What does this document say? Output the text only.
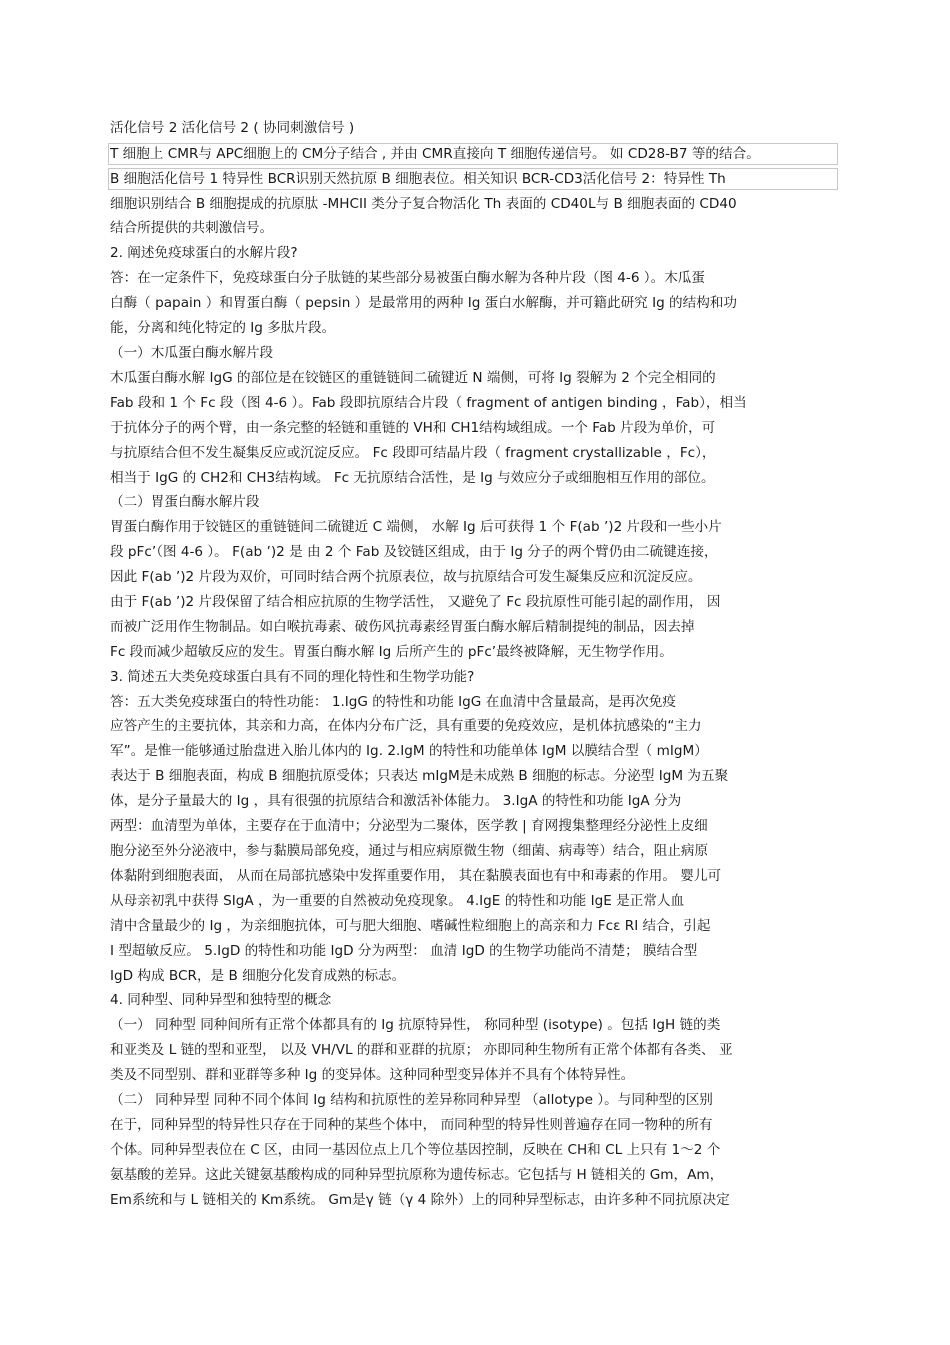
活化信号 2 活化信号 2 ( 协同刺激信号 )
T 细胞上 CMR与 APC细胞上的 CM分子结合 , 并由 CMR直接向 T 细胞传递信号。 如 CD28-B7 等的结合。
B 细胞活化信号 1 特异性 BCR识别天然抗原 B 细胞表位。相关知识 BCR-CD3活化信号 2：特异性 Th
细胞识别结合 B 细胞提成的抗原肽 -MHCII 类分子复合物活化 Th 表面的 CD40L与 B 细胞表面的 CD40
结合所提供的共刺激信号。
2. 阐述免疫球蛋白的水解片段?
答：在一定条件下，免疫球蛋白分子肽链的某些部分易被蛋白酶水解为各种片段（图 4-6 ）。木瓜蛋
白酶（ papain ）和胃蛋白酶（ pepsin ）是最常用的两种 Ig 蛋白水解酶，并可籍此研究 Ig 的结构和功
能，分离和纯化特定的 Ig 多肽片段。
（一）木瓜蛋白酶水解片段
木瓜蛋白酶水解 IgG 的部位是在铰链区的重链链间二硫键近 N 端侧，可将 Ig 裂解为 2 个完全相同的
Fab 段和 1 个 Fc 段（图 4-6 ）。Fab 段即抗原结合片段（ fragment of antigen binding ，Fab），相当
于抗体分子的两个臂，由一条完整的轻链和重链的 VH和 CH1结构域组成。一个 Fab 片段为单价，可
与抗原结合但不发生凝集反应或沉淀反应。 Fc 段即可结晶片段（ fragment crystallizable ，Fc），
相当于 IgG 的 CH2和 CH3结构域。 Fc 无抗原结合活性，是 Ig 与效应分子或细胞相互作用的部位。
（二）胃蛋白酶水解片段
胃蛋白酶作用于铰链区的重链链间二硫键近 C 端侧， 水解 Ig 后可获得 1 个 F(ab ’)2 片段和一些小片
段 pFc’（图 4-6 ）。 F(ab ’)2 是 由 2 个 Fab 及铰链区组成，由于 Ig 分子的两个臂仍由二硫键连接，
因此 F(ab ’)2 片段为双价，可同时结合两个抗原表位，故与抗原结合可发生凝集反应和沉淀反应。
由于 F(ab ’)2 片段保留了结合相应抗原的生物学活性， 又避免了 Fc 段抗原性可能引起的副作用， 因
而被广泛用作生物制品。如白喉抗毒素、破伤风抗毒素经胃蛋白酶水解后精制提纯的制品，因去掉
Fc 段而减少超敏反应的发生。胃蛋白酶水解 Ig 后所产生的 pFc’最终被降解，无生物学作用。
3. 简述五大类免疫球蛋白具有不同的理化特性和生物学功能?
答：五大类免疫球蛋白的特性功能： 1.IgG 的特性和功能 IgG 在血清中含量最高，是再次免疫
应答产生的主要抗体，其亲和力高，在体内分布广泛，具有重要的免疫效应，是机体抗感染的“主力
军”。是惟一能够通过胎盘进入胎儿体内的 Ig. 2.IgM 的特性和功能单体 IgM 以膜结合型（ mIgM）
表达于 B 细胞表面，构成 B 细胞抗原受体；只表达 mIgM是未成熟 B 细胞的标志。分泌型 IgM 为五聚
体，是分子量最大的 Ig ，具有很强的抗原结合和激活补体能力。 3.IgA 的特性和功能 IgA 分为
两型：血清型为单体，主要存在于血清中；分泌型为二聚体，医学教 | 育网搜集整理经分泌性上皮细
胞分泌至外分泌液中，参与黏膜局部免疫，通过与相应病原微生物（细菌、病毒等）结合，阻止病原
体黏附到细胞表面， 从而在局部抗感染中发挥重要作用， 其在黏膜表面也有中和毒素的作用。 婴儿可
从母亲初乳中获得 SIgA ，为一重要的自然被动免疫现象。 4.IgE 的特性和功能 IgE 是正常人血
清中含量最少的 Ig ，为亲细胞抗体，可与肥大细胞、嗜碱性粒细胞上的高亲和力 Fcε RI 结合，引起
I 型超敏反应。 5.IgD 的特性和功能 IgD 分为两型： 血清 IgD 的生物学功能尚不清楚； 膜结合型
IgD 构成 BCR，是 B 细胞分化发育成熟的标志。
4. 同种型、同种异型和独特型的概念
（一） 同种型 同种间所有正常个体都具有的 Ig 抗原特异性， 称同种型 (isotype) 。包括 IgH 链的类
和亚类及 L 链的型和亚型， 以及 VH/VL 的群和亚群的抗原； 亦即同种生物所有正常个体都有各类、 亚
类及不同型别、群和亚群等多种 Ig 的变异体。这种同种型变异体并不具有个体特异性。
（二） 同种异型 同种不同个体间 Ig 结构和抗原性的差异称同种异型 （allotype ）。与同种型的区别
在于，同种异型的特异性只存在于同种的某些个体中， 而同种型的特异性则普遍存在同一物种的所有
个体。同种异型表位在 C 区，由同一基因位点上几个等位基因控制，反映在 CH和 CL 上只有 1～2 个
氨基酸的差异。这此关键氨基酸构成的同种异型抗原称为遗传标志。它包括与 H 链相关的 Gm，Am，
Em系统和与 L 链相关的 Km系统。 Gm是γ 链（γ 4 除外）上的同种异型标志，由许多种不同抗原决定
